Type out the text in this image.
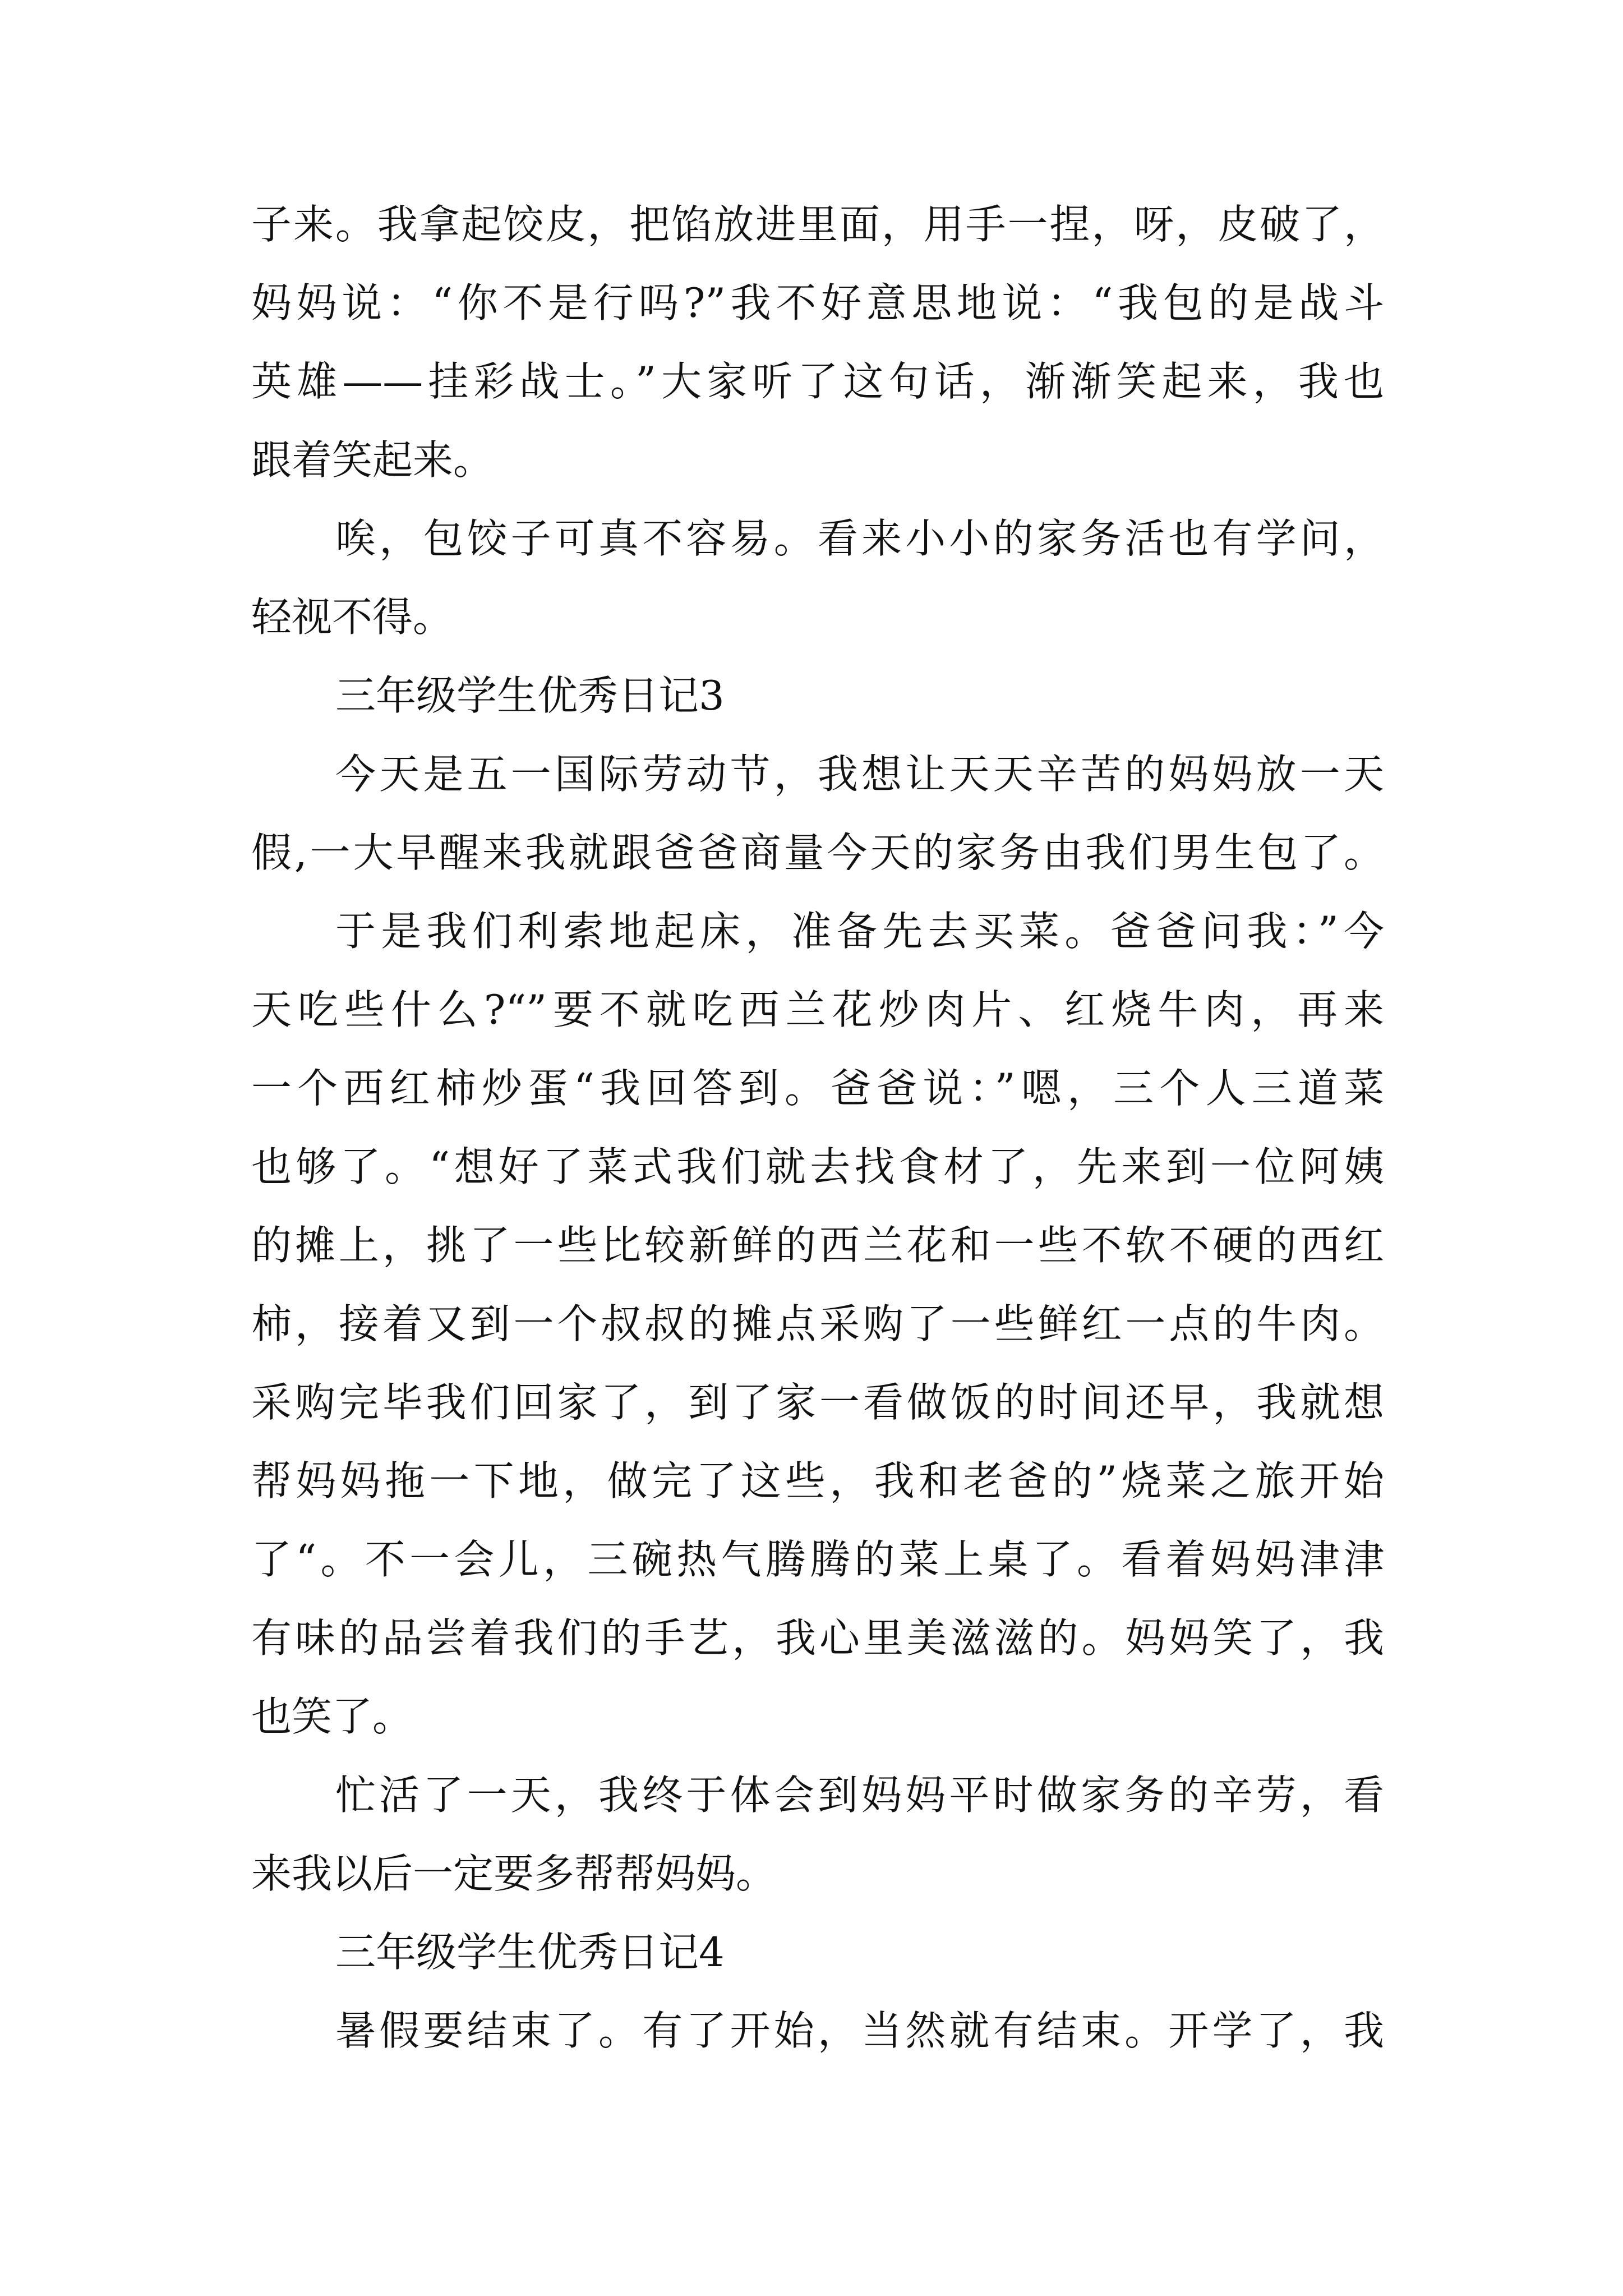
子来。我拿起饺皮，把馅放进里面，用手一捏，呀，皮破了，
妈妈说：“你不是行吗?”我不好意思地说：“我包的是战斗
英雄——挂彩战士。”大家听了这句话，渐渐笑起来，我也
跟着笑起来。
唉，包饺子可真不容易。看来小小的家务活也有学问，
轻视不得。
三年级学生优秀日记3
今天是五一国际劳动节，我想让天天辛苦的妈妈放一天
假,一大早醒来我就跟爸爸商量今天的家务由我们男生包了。
于是我们利索地起床，准备先去买菜。爸爸问我：”今
天吃些什么?“”要不就吃西兰花炒肉片、红烧牛肉，再来
一个西红柿炒蛋“我回答到。爸爸说：”嗯，三个人三道菜
也够了。“想好了菜式我们就去找食材了，先来到一位阿姨
的摊上，挑了一些比较新鲜的西兰花和一些不软不硬的西红
柿，接着又到一个叔叔的摊点采购了一些鲜红一点的牛肉。
采购完毕我们回家了，到了家一看做饭的时间还早，我就想
帮妈妈拖一下地，做完了这些，我和老爸的”烧菜之旅开始
了“。不一会儿，三碗热气腾腾的菜上桌了。看着妈妈津津
有味的品尝着我们的手艺，我心里美滋滋的。妈妈笑了，我
也笑了。
忙活了一天，我终于体会到妈妈平时做家务的辛劳，看
来我以后一定要多帮帮妈妈。
三年级学生优秀日记4
暑假要结束了。有了开始，当然就有结束。开学了，我
